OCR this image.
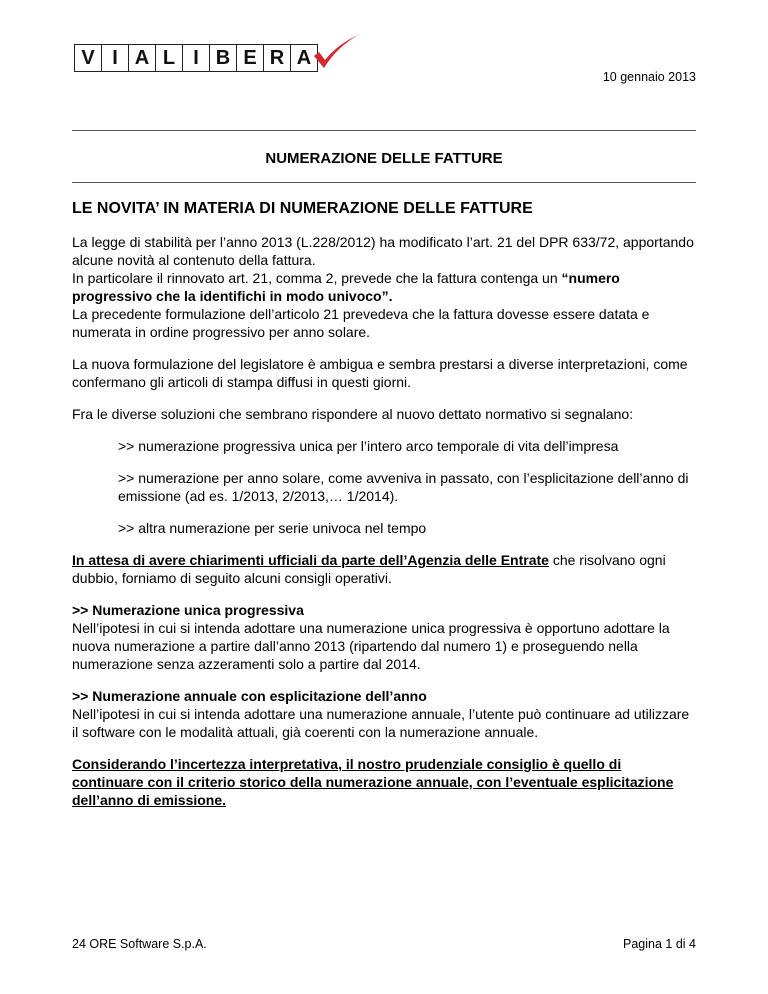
V I A L I B E R A
10 gennaio 2013
NUMERAZIONE DELLE FATTURE
LE NOVITA’ IN MATERIA DI NUMERAZIONE DELLE FATTURE

La legge di stabilità per l’anno 2013 (L.228/2012) ha modificato l’art. 21 del DPR 633/72, apportando alcune novità al contenuto della fattura.
In particolare il rinnovato art. 21, comma 2, prevede che la fattura contenga un “numero progressivo che la identifichi in modo univoco”.
La precedente formulazione dell’articolo 21 prevedeva che la fattura dovesse essere datata e numerata in ordine progressivo per anno solare.

La nuova formulazione del legislatore è ambigua e sembra prestarsi a diverse interpretazioni, come confermano gli articoli di stampa diffusi in questi giorni.

Fra le diverse soluzioni che sembrano rispondere al nuovo dettato normativo si segnalano:

>> numerazione progressiva unica per l’intero arco temporale di vita dell’impresa

>> numerazione per anno solare, come avveniva in passato, con l’esplicitazione dell’anno di emissione (ad es. 1/2013, 2/2013,… 1/2014).

>> altra numerazione per serie univoca nel tempo

In attesa di avere chiarimenti ufficiali da parte dell’Agenzia delle Entrate che risolvano ogni dubbio, forniamo di seguito alcuni consigli operativi.

>> Numerazione unica progressiva
Nell’ipotesi in cui si intenda adottare una numerazione unica progressiva è opportuno adottare la nuova numerazione a partire dall’anno 2013 (ripartendo dal numero 1) e proseguendo nella numerazione senza azzeramenti solo a partire dal 2014.

>> Numerazione annuale con esplicitazione dell’anno
Nell’ipotesi in cui si intenda adottare una numerazione annuale, l’utente può continuare ad utilizzare il software con le modalità attuali, già coerenti con la numerazione annuale.

Considerando l’incertezza interpretativa, il nostro prudenziale consiglio è quello di continuare con il criterio storico della numerazione annuale, con l’eventuale esplicitazione dell’anno di emissione.

24 ORE Software S.p.A.	Pagina 1 di 4
